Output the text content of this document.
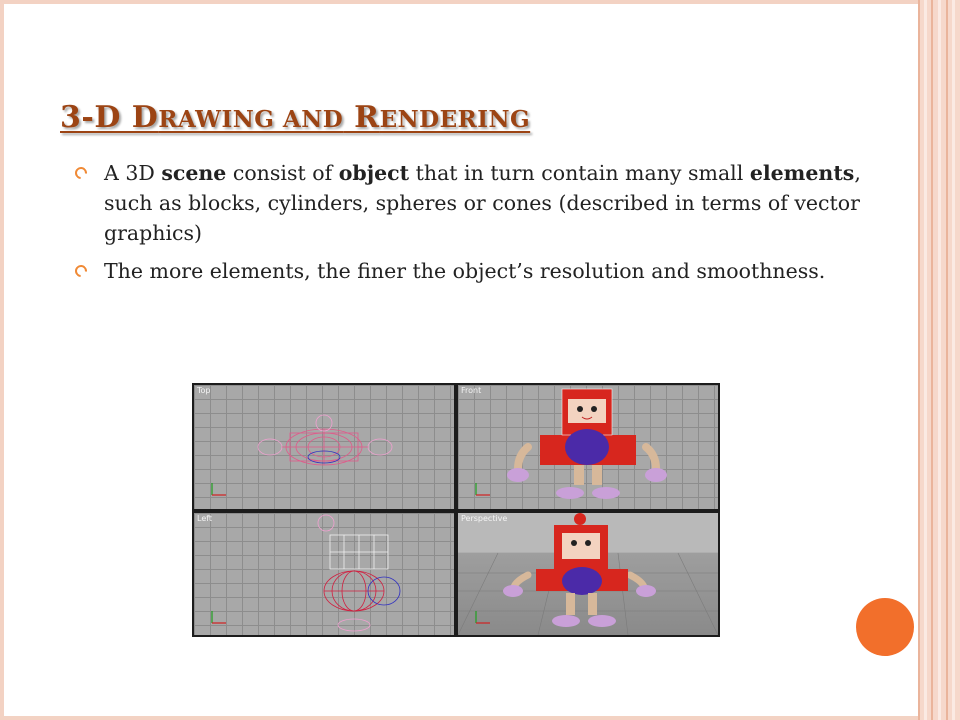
3-D DRAWING AND RENDERING
A 3D scene consist of object that in turn contain many small elements, such as blocks, cylinders, spheres or cones (described in terms of vector graphics)
The more elements, the finer the object’s resolution and smoothness.
Top	Front
Left	Perspective
